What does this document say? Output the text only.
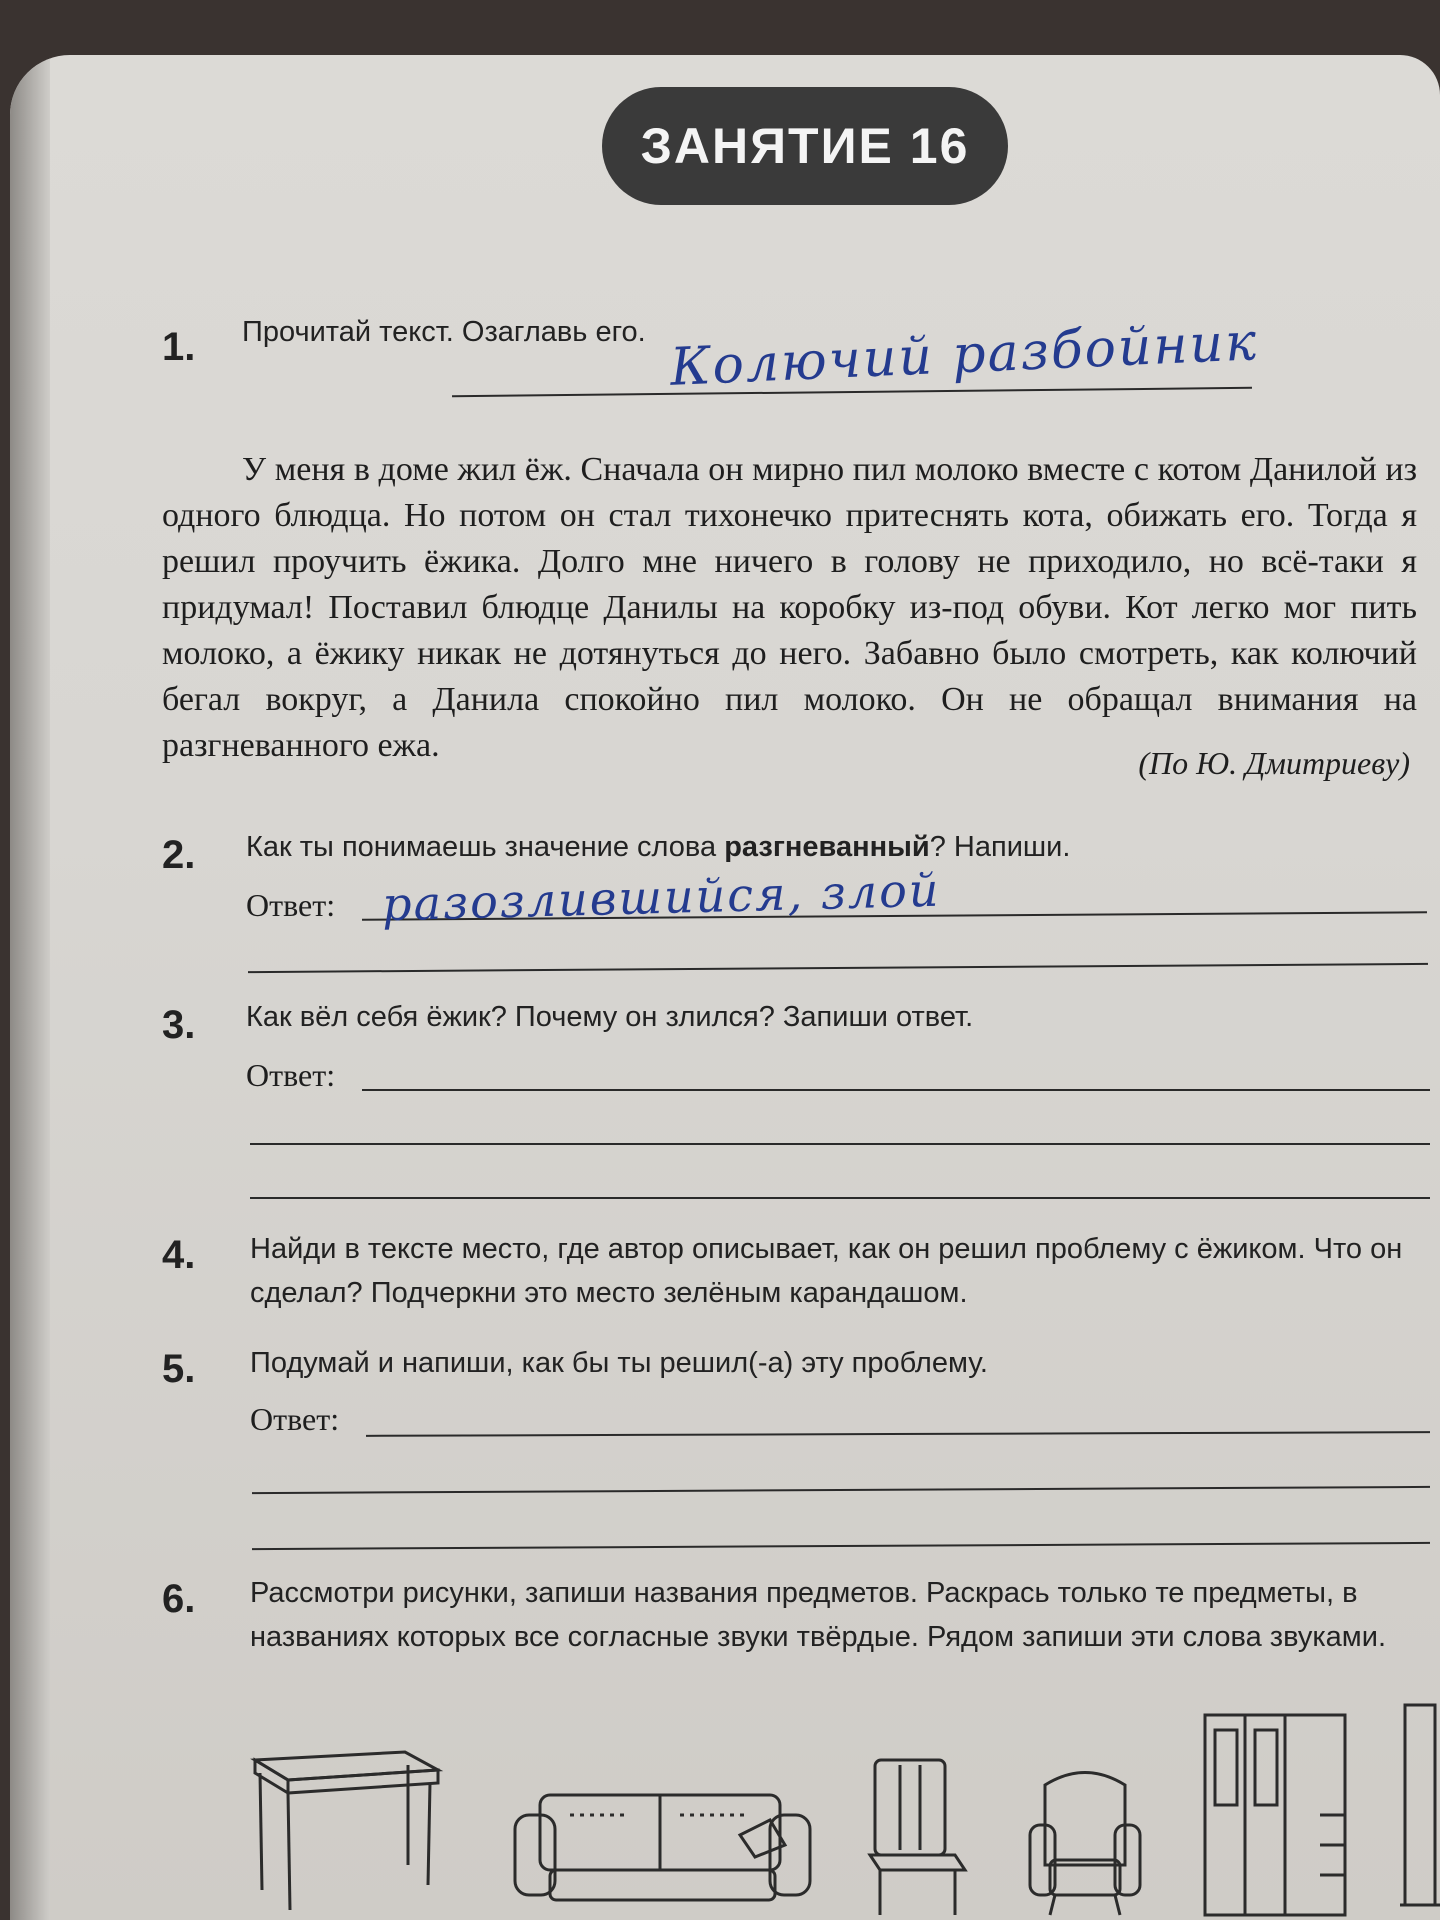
ЗАНЯТИЕ 16
1. Прочитай текст. Озаглавь его. Колючий разбойник

У меня в доме жил ёж. Сначала он мирно пил молоко вместе с котом Данилой из одного блюдца. Но потом он стал тихонечко притеснять кота, обижать его. Тогда я решил проучить ёжика. Долго мне ничего в голову не приходило, но всё-таки я придумал! Поставил блюдце Данилы на коробку из-под обуви. Кот легко мог пить молоко, а ёжику никак не дотянуться до него. Забавно было смотреть, как колючий бегал вокруг, а Данила спокойно пил молоко. Он не обращал внимания на разгневанного ежа.	(По Ю. Дмитриеву)
2. Как ты понимаешь значение слова разгневанный? Напиши.
Ответ: разозлившийся, злой
3. Как вёл себя ёжик? Почему он злился? Запиши ответ.
Ответ:
4. Найди в тексте место, где автор описывает, как он решил проблему с ёжиком. Что он сделал? Подчеркни это место зелёным карандашом.
5. Подумай и напиши, как бы ты решил(-а) эту проблему.
Ответ:
6. Рассмотри рисунки, запиши названия предметов. Раскрась только те предметы, в названиях которых все согласные звуки твёрдые. Рядом запиши эти слова звуками.
